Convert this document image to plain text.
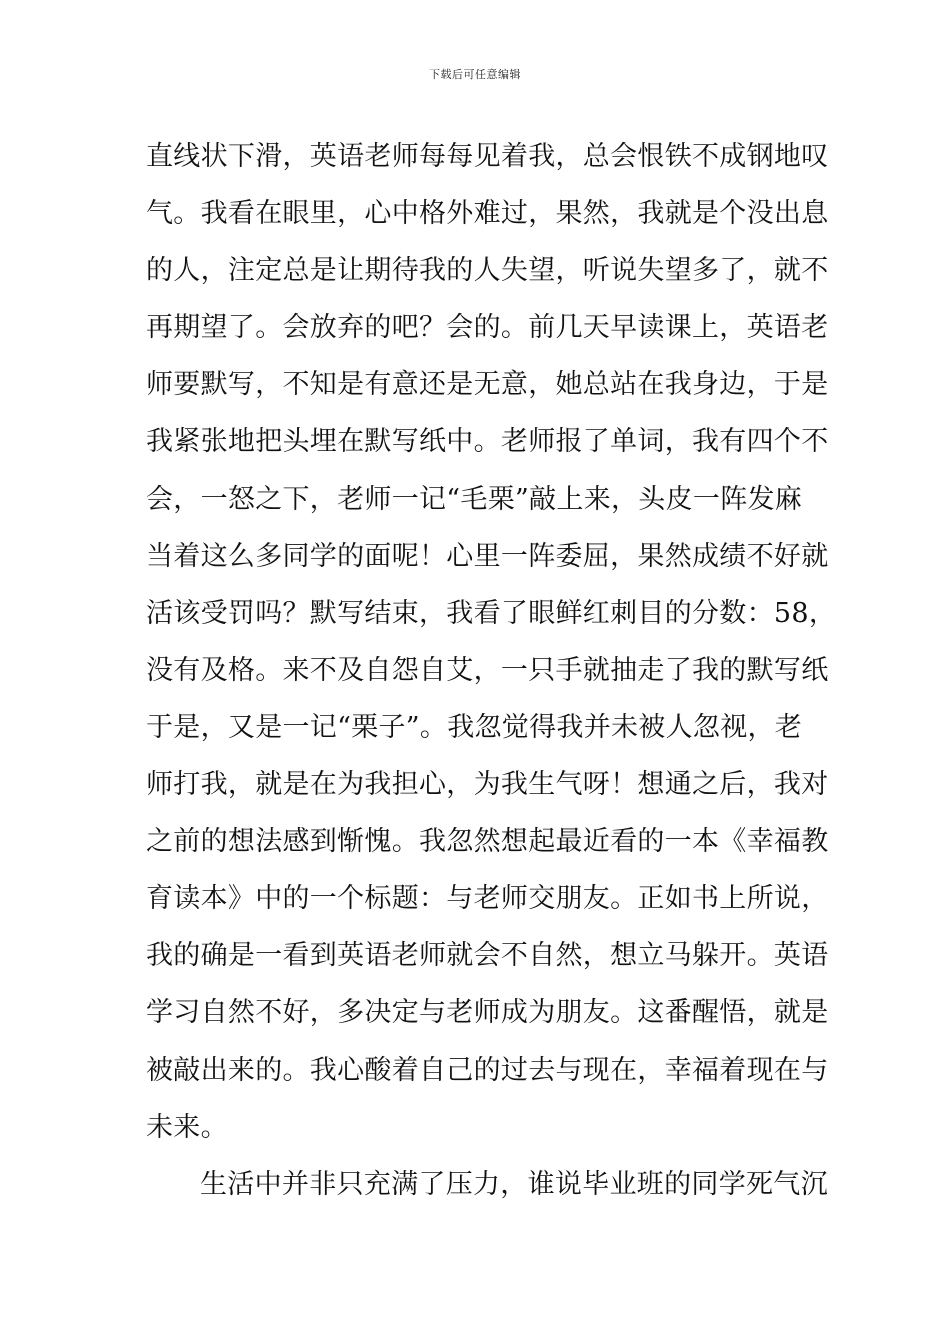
下载后可任意编辑
直线状下滑，英语老师每每见着我，总会恨铁不成钢地叹
气。我看在眼里，心中格外难过，果然，我就是个没出息
的人，注定总是让期待我的人失望，听说失望多了，就不
再期望了。会放弃的吧？会的。前几天早读课上，英语老
师要默写，不知是有意还是无意，她总站在我身边，于是
我紧张地把头埋在默写纸中。老师报了单词，我有四个不
会，一怒之下，老师一记“毛栗”敲上来，头皮一阵发麻
当着这么多同学的面呢！心里一阵委屈，果然成绩不好就
活该受罚吗？默写结束，我看了眼鲜红刺目的分数：58，
没有及格。来不及自怨自艾，一只手就抽走了我的默写纸
于是，又是一记“栗子”。我忽觉得我并未被人忽视，老
师打我，就是在为我担心，为我生气呀！想通之后，我对
之前的想法感到惭愧。我忽然想起最近看的一本《幸福教
育读本》中的一个标题：与老师交朋友。正如书上所说，
我的确是一看到英语老师就会不自然，想立马躲开。英语
学习自然不好，多决定与老师成为朋友。这番醒悟，就是
被敲出来的。我心酸着自己的过去与现在，幸福着现在与
未来。
生活中并非只充满了压力，谁说毕业班的同学死气沉
